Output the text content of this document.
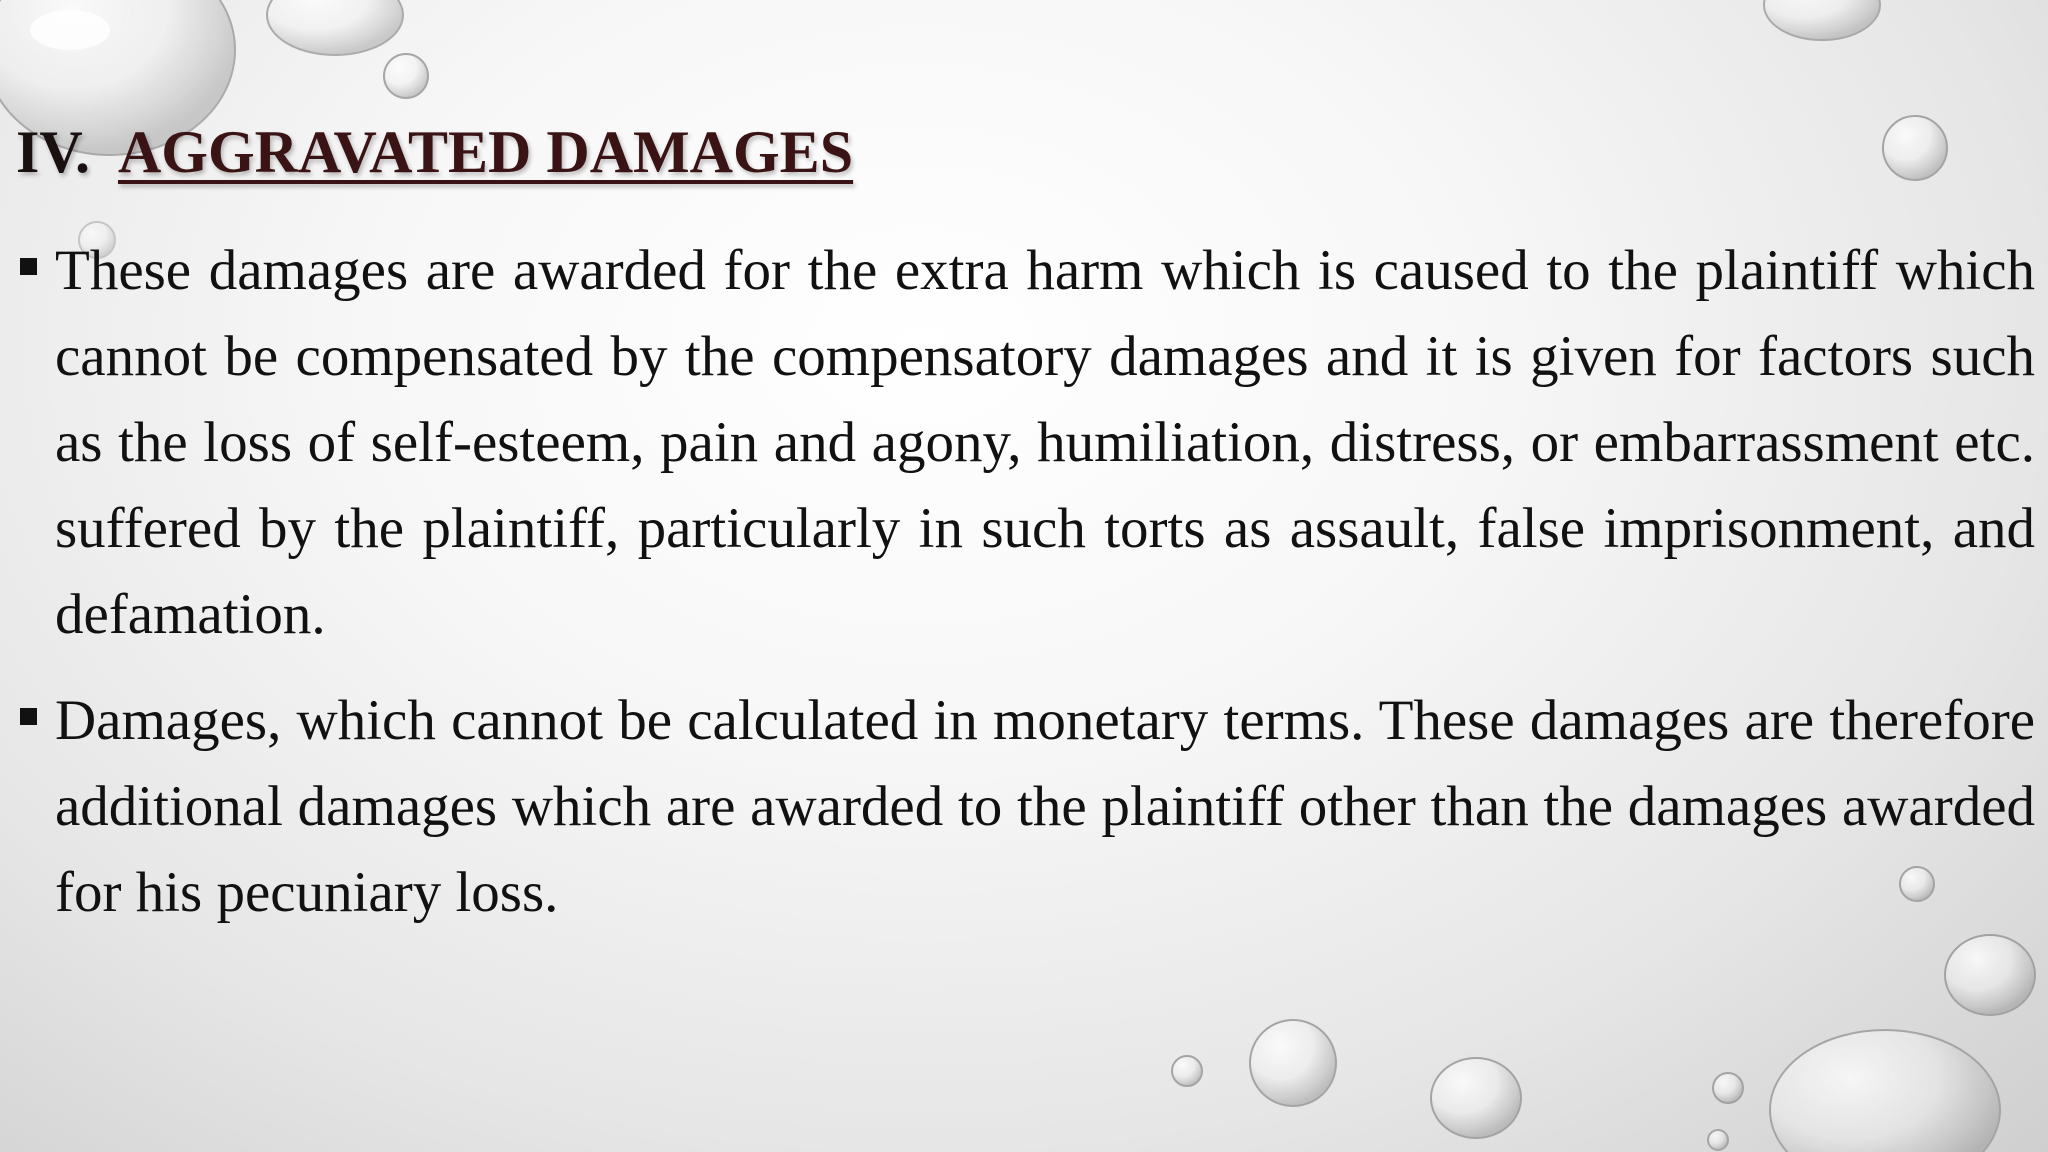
IV. AGGRAVATED DAMAGES
These damages are awarded for the extra harm which is caused to the plaintiff which cannot be compensated by the compensatory damages and it is given for factors such as the loss of self-esteem, pain and agony, humiliation, distress, or embarrassment etc. suffered by the plaintiff, particularly in such torts as assault, false imprisonment, and defamation.
Damages, which cannot be calculated in monetary terms. These damages are therefore additional damages which are awarded to the plaintiff other than the damages awarded for his pecuniary loss.
